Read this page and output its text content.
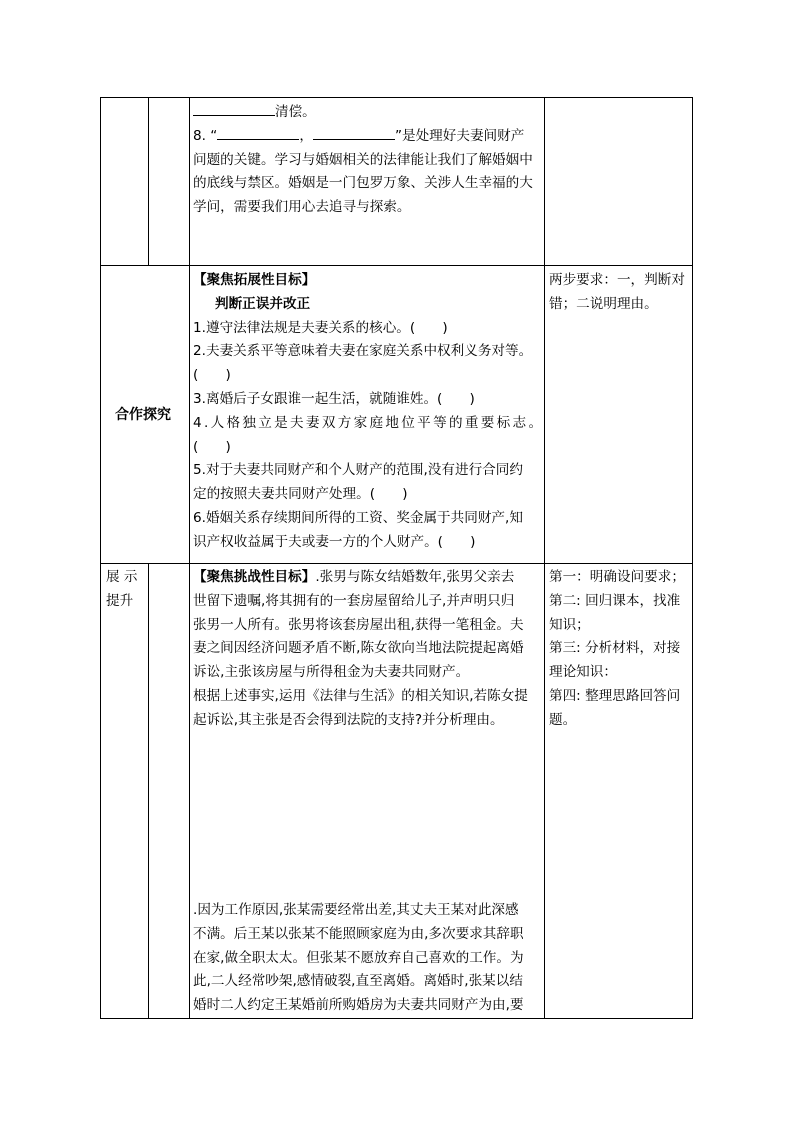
清偿。
8. “	，	”是处理好夫妻间财产
问题的关键。学习与婚姻相关的法律能让我们了解婚姻中
的底线与禁区。婚姻是一门包罗万象、关涉人生幸福的大
学问，需要我们用心去追寻与探索。
合作探究
【聚焦拓展性目标】
判断正误并改正
1.遵守法律法规是夫妻关系的核心。(　　)
2.夫妻关系平等意味着夫妻在家庭关系中权利义务对等。
(　　)
3.离婚后子女跟谁一起生活，就随谁姓。(　　)
4.人格独立是夫妻双方家庭地位平等的重要标志。
(　　)
5.对于夫妻共同财产和个人财产的范围,没有进行合同约
定的按照夫妻共同财产处理。(　　)
6.婚姻关系存续期间所得的工资、奖金属于共同财产,知
识产权收益属于夫或妻一方的个人财产。(　　)
两步要求：一，判断对
错；二说明理由。
展 示
提升
【聚焦挑战性目标】.张男与陈女结婚数年,张男父亲去
世留下遗嘱,将其拥有的一套房屋留给儿子,并声明只归
张男一人所有。张男将该套房屋出租,获得一笔租金。夫
妻之间因经济问题矛盾不断,陈女欲向当地法院提起离婚
诉讼,主张该房屋与所得租金为夫妻共同财产。
根据上述事实,运用《法律与生活》的相关知识,若陈女提
起诉讼,其主张是否会得到法院的支持?并分析理由。
.因为工作原因,张某需要经常出差,其丈夫王某对此深感
不满。后王某以张某不能照顾家庭为由,多次要求其辞职
在家,做全职太太。但张某不愿放弃自己喜欢的工作。为
此,二人经常吵架,感情破裂,直至离婚。离婚时,张某以结
婚时二人约定王某婚前所购婚房为夫妻共同财产为由,要
第一：明确设问要求；
第二: 回归课本，找准
知识；
第三: 分析材料，对接
理论知识：
第四: 整理思路回答问
题。
